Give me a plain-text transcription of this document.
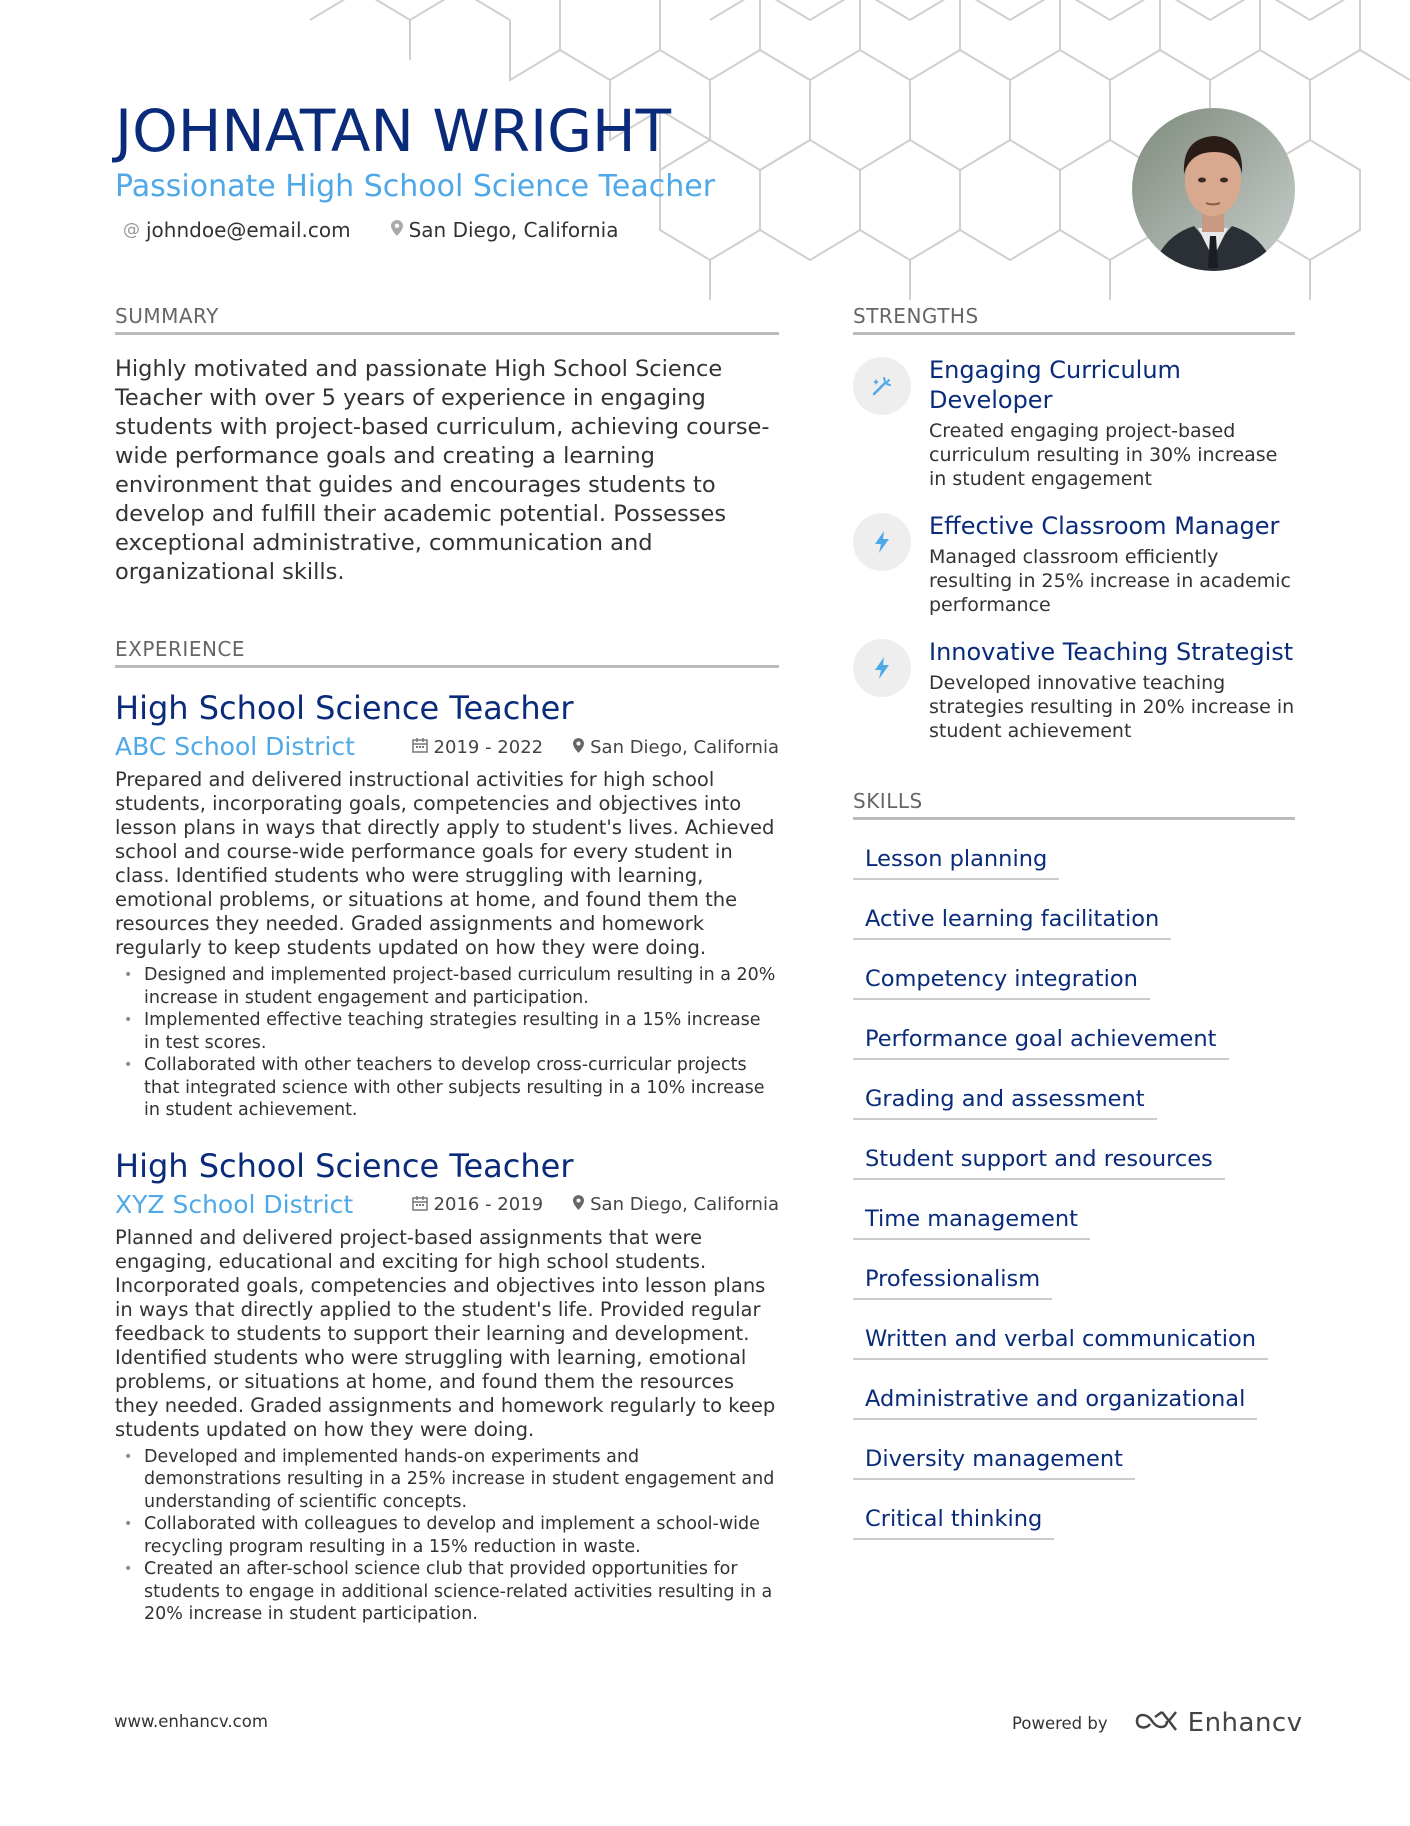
JOHNATAN WRIGHT
Passionate High School Science Teacher
@ johndoe@email.com	San Diego, California
SUMMARY
Highly motivated and passionate High School Science Teacher with over 5 years of experience in engaging students with project-based curriculum, achieving course-wide performance goals and creating a learning environment that guides and encourages students to develop and fulfill their academic potential. Possesses exceptional administrative, communication and organizational skills.
EXPERIENCE
High School Science Teacher
ABC School District	2019 - 2022	San Diego, California
Prepared and delivered instructional activities for high school students, incorporating goals, competencies and objectives into lesson plans in ways that directly apply to student's lives. Achieved school and course-wide performance goals for every student in class. Identified students who were struggling with learning, emotional problems, or situations at home, and found them the resources they needed. Graded assignments and homework regularly to keep students updated on how they were doing.
• Designed and implemented project-based curriculum resulting in a 20% increase in student engagement and participation.
• Implemented effective teaching strategies resulting in a 15% increase in test scores.
• Collaborated with other teachers to develop cross-curricular projects that integrated science with other subjects resulting in a 10% increase in student achievement.
High School Science Teacher
XYZ School District	2016 - 2019	San Diego, California
Planned and delivered project-based assignments that were engaging, educational and exciting for high school students. Incorporated goals, competencies and objectives into lesson plans in ways that directly applied to the student's life. Provided regular feedback to students to support their learning and development. Identified students who were struggling with learning, emotional problems, or situations at home, and found them the resources they needed. Graded assignments and homework regularly to keep students updated on how they were doing.
• Developed and implemented hands-on experiments and demonstrations resulting in a 25% increase in student engagement and understanding of scientific concepts.
• Collaborated with colleagues to develop and implement a school-wide recycling program resulting in a 15% reduction in waste.
• Created an after-school science club that provided opportunities for students to engage in additional science-related activities resulting in a 20% increase in student participation.
STRENGTHS
Engaging Curriculum Developer
Created engaging project-based curriculum resulting in 30% increase in student engagement
Effective Classroom Manager
Managed classroom efficiently resulting in 25% increase in academic performance
Innovative Teaching Strategist
Developed innovative teaching strategies resulting in 20% increase in student achievement
SKILLS
Lesson planning
Active learning facilitation
Competency integration
Performance goal achievement
Grading and assessment
Student support and resources
Time management
Professionalism
Written and verbal communication
Administrative and organizational
Diversity management
Critical thinking
www.enhancv.com	Powered by	Enhancv
